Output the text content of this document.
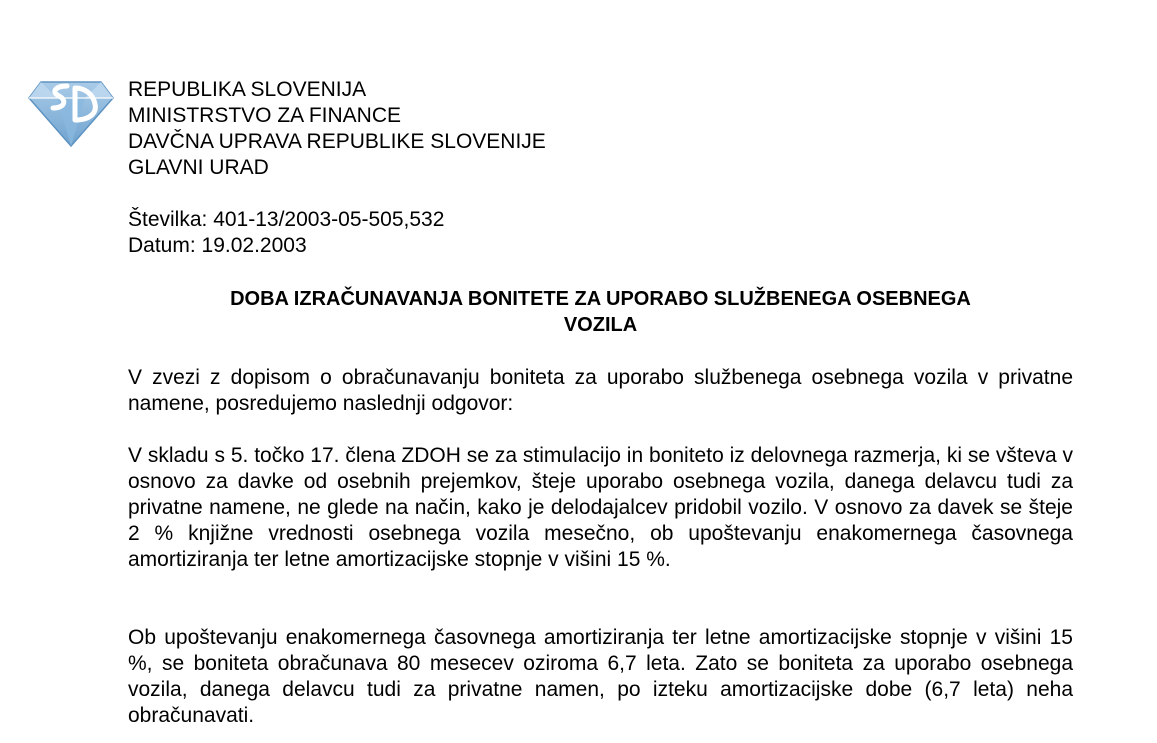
REPUBLIKA SLOVENIJA
MINISTRSTVO ZA FINANCE
DAVČNA UPRAVA REPUBLIKE SLOVENIJE
GLAVNI URAD
Številka: 401-13/2003-05-505,532
Datum: 19.02.2003
DOBA IZRAČUNAVANJA BONITETE ZA UPORABO SLUŽBENEGA OSEBNEGA
VOZILA
V zvezi z dopisom o obračunavanju boniteta za uporabo službenega osebnega vozila v privatne namene, posredujemo naslednji odgovor:
V skladu s 5. točko 17. člena ZDOH se za stimulacijo in boniteto iz delovnega razmerja, ki se všteva v osnovo za davke od osebnih prejemkov, šteje uporabo osebnega vozila, danega delavcu tudi za privatne namene, ne glede na način, kako je delodajalcev pridobil vozilo. V osnovo za davek se šteje 2 % knjižne vrednosti osebnega vozila mesečno, ob upoštevanju enakomernega časovnega amortiziranja ter letne amortizacijske stopnje v višini 15 %.
Ob upoštevanju enakomernega časovnega amortiziranja ter letne amortizacijske stopnje v višini 15 %, se boniteta obračunava 80 mesecev oziroma 6,7 leta. Zato se boniteta za uporabo osebnega vozila, danega delavcu tudi za privatne namen, po izteku amortizacijske dobe (6,7 leta) neha obračunavati.
